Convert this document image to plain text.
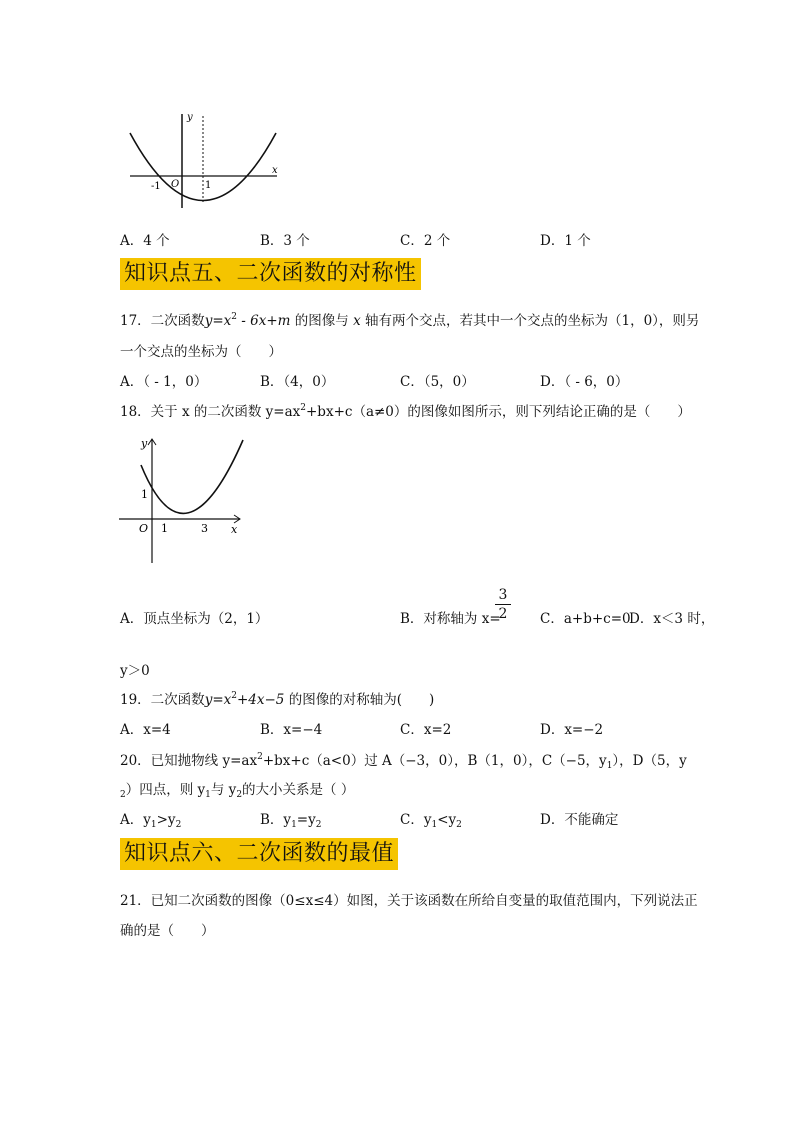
y
x
O
-1	1
A．4 个	B．3 个	C．2 个	D．1 个
知识点五、二次函数的对称性
17．二次函数$y=x^2 - 6x+m$ 的图像与 x 轴有两个交点，若其中一个交点的坐标为（1，0），则另
一个交点的坐标为（　　）
A．（ - 1，0）	B．（4，0）	C．（5，0）	D．（ - 6，0）
18．关于 x 的二次函数 $y=ax^2+bx+c(a\ne 0)$的图像如图所示，则下列结论正确的是（　　）
y
x
O
1
1	3
A．顶点坐标为（2，1）	B．对称轴为 x=
3
2 C．a+b+c=0
D．x＜3 时，
y＞0
19．二次函数$y=x^2+4x-5$ 的图像的对称轴为(　　)
A．x=4	B．x=−4	C．x=2	D．x=−2
20．已知抛物线 $y=ax^2+bx+c(a<0)$过 A（−3，0），B（1，0），C（−5，$y_1$），D（5，y
$_2$）四点，则 $y_1$与 $y_2$的大小关系是（ ）
A．$y_1>y_2$	B．$y_1=y_2$	C．$y_1<y_2$	D．不能确定
知识点六、二次函数的最值
21．已知二次函数的图像（0≤x≤4）如图，关于该函数在所给自变量的取值范围内，下列说法正
确的是（　　）
